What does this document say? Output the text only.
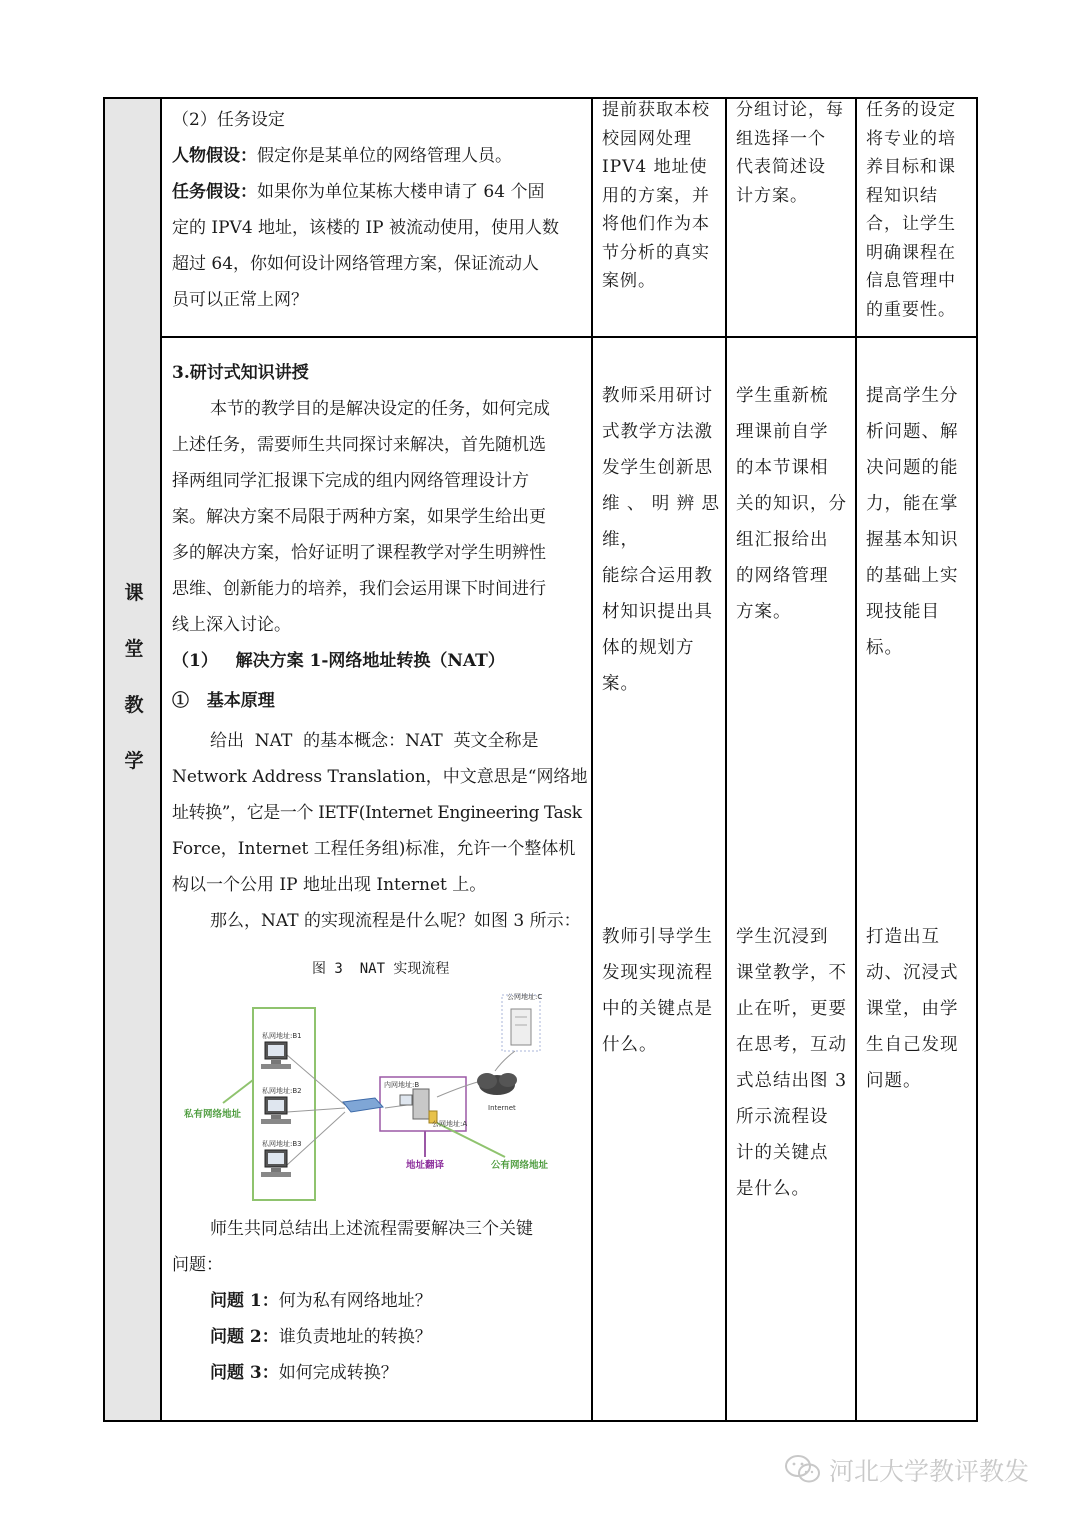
课
堂
教
学
（2）任务设定
人物假设：假定你是某单位的网络管理人员。
任务假设：如果你为单位某栋大楼申请了 64 个固
定的 IPV4 地址，该楼的 IP 被流动使用，使用人数
超过 64，你如何设计网络管理方案，保证流动人
员可以正常上网？
提前获取本校
校园网处理
IPV4 地址使
用的方案，并
将他们作为本
节分析的真实
案例。
分组讨论，每
组选择一个
代表简述设
计方案。
任务的设定
将专业的培
养目标和课
程知识结
合，让学生
明确课程在
信息管理中
的重要性。
3.研讨式知识讲授
本节的教学目的是解决设定的任务，如何完成
上述任务，需要师生共同探讨来解决，首先随机选
择两组同学汇报课下完成的组内网络管理设计方
案。解决方案不局限于两种方案，如果学生给出更
多的解决方案，恰好证明了课程教学对学生明辨性
思维、创新能力的培养，我们会运用课下时间进行
线上深入讨论。
（1）   解决方案 1-网络地址转换（NAT）
①   基本原理
给出  NAT  的基本概念：NAT  英文全称是
Network Address Translation，中文意思是“网络地
址转换”，它是一个 IETF(Internet Engineering Task
Force，Internet 工程任务组)标准，允许一个整体机
构以一个公用 IP 地址出现 Internet 上。
那么，NAT 的实现流程是什么呢？如图 3 所示：
图 3  NAT 实现流程
私网地址:B1
私网地址:B2
私网地址:B3
内网地址:B
公网地址:A
公网地址:C
Internet
私有网络地址
地址翻译	公有网络地址
师生共同总结出上述流程需要解决三个关键
问题：
问题 1：何为私有网络地址？
问题 2：谁负责地址的转换？
问题 3：如何完成转换？
教师采用研讨
式教学方法激
发学生创新思
维、明辨思维，
能综合运用教
材知识提出具
体的规划方
案。
学生重新梳
理课前自学
的本节课相
关的知识，分
组汇报给出
的网络管理
方案。
提高学生分
析问题、解
决问题的能
力，能在掌
握基本知识
的基础上实
现技能目
标。
教师引导学生
发现实现流程
中的关键点是
什么。
学生沉浸到
课堂教学，不
止在听，更要
在思考，互动
式总结出图 3
所示流程设
计的关键点
是什么。
打造出互
动、沉浸式
课堂，由学
生自己发现
问题。
河北大学教评教发
